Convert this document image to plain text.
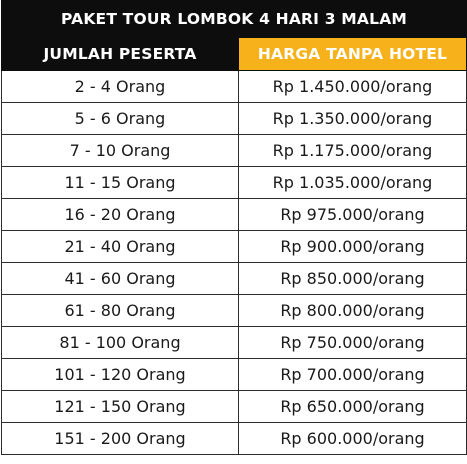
PAKET TOUR LOMBOK 4 HARI 3 MALAM	
JUMLAH PESERTA	HARGA TANPA HOTEL
2 - 4 Orang	Rp 1.450.000/orang
5 - 6 Orang	Rp 1.350.000/orang
7 - 10 Orang	Rp 1.175.000/orang
11 - 15 Orang	Rp 1.035.000/orang
16 - 20 Orang	Rp 975.000/orang
21 - 40 Orang	Rp 900.000/orang
41 - 60 Orang	Rp 850.000/orang
61 - 80 Orang	Rp 800.000/orang
81 - 100 Orang	Rp 750.000/orang
101 - 120 Orang	Rp 700.000/orang
121 - 150 Orang	Rp 650.000/orang
151 - 200 Orang	Rp 600.000/orang
